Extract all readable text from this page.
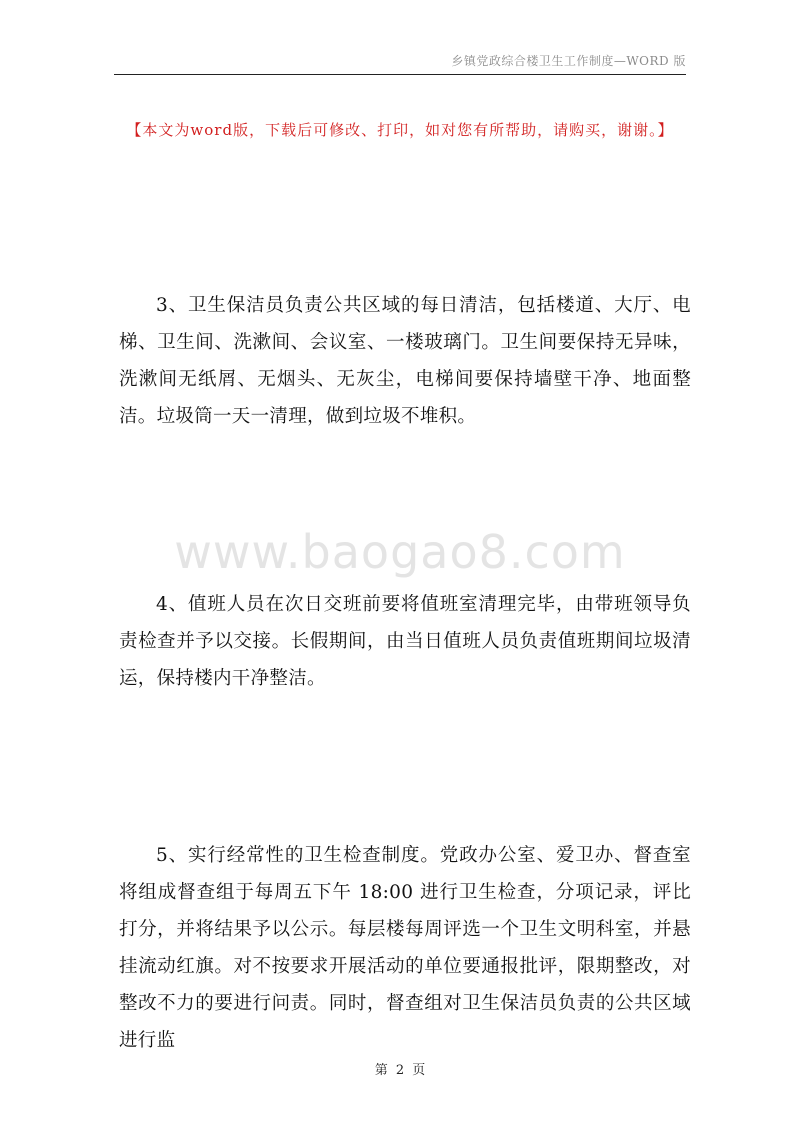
乡镇党政综合楼卫生工作制度—WORD 版
【本文为word版，下载后可修改、打印，如对您有所帮助，请购买，谢谢。】
www.baogao8.com
3、卫生保洁员负责公共区域的每日清洁，包括楼道、大厅、电梯、卫生间、洗漱间、会议室、一楼玻璃门。卫生间要保持无异味，洗漱间无纸屑、无烟头、无灰尘，电梯间要保持墙壁干净、地面整洁。垃圾筒一天一清理，做到垃圾不堆积。
4、值班人员在次日交班前要将值班室清理完毕，由带班领导负责检查并予以交接。长假期间，由当日值班人员负责值班期间垃圾清运，保持楼内干净整洁。
5、实行经常性的卫生检查制度。党政办公室、爱卫办、督查室将组成督查组于每周五下午 18:00 进行卫生检查，分项记录，评比打分，并将结果予以公示。每层楼每周评选一个卫生文明科室，并悬挂流动红旗。对不按要求开展活动的单位要通报批评，限期整改，对整改不力的要进行问责。同时，督查组对卫生保洁员负责的公共区域进行监
第 2 页
